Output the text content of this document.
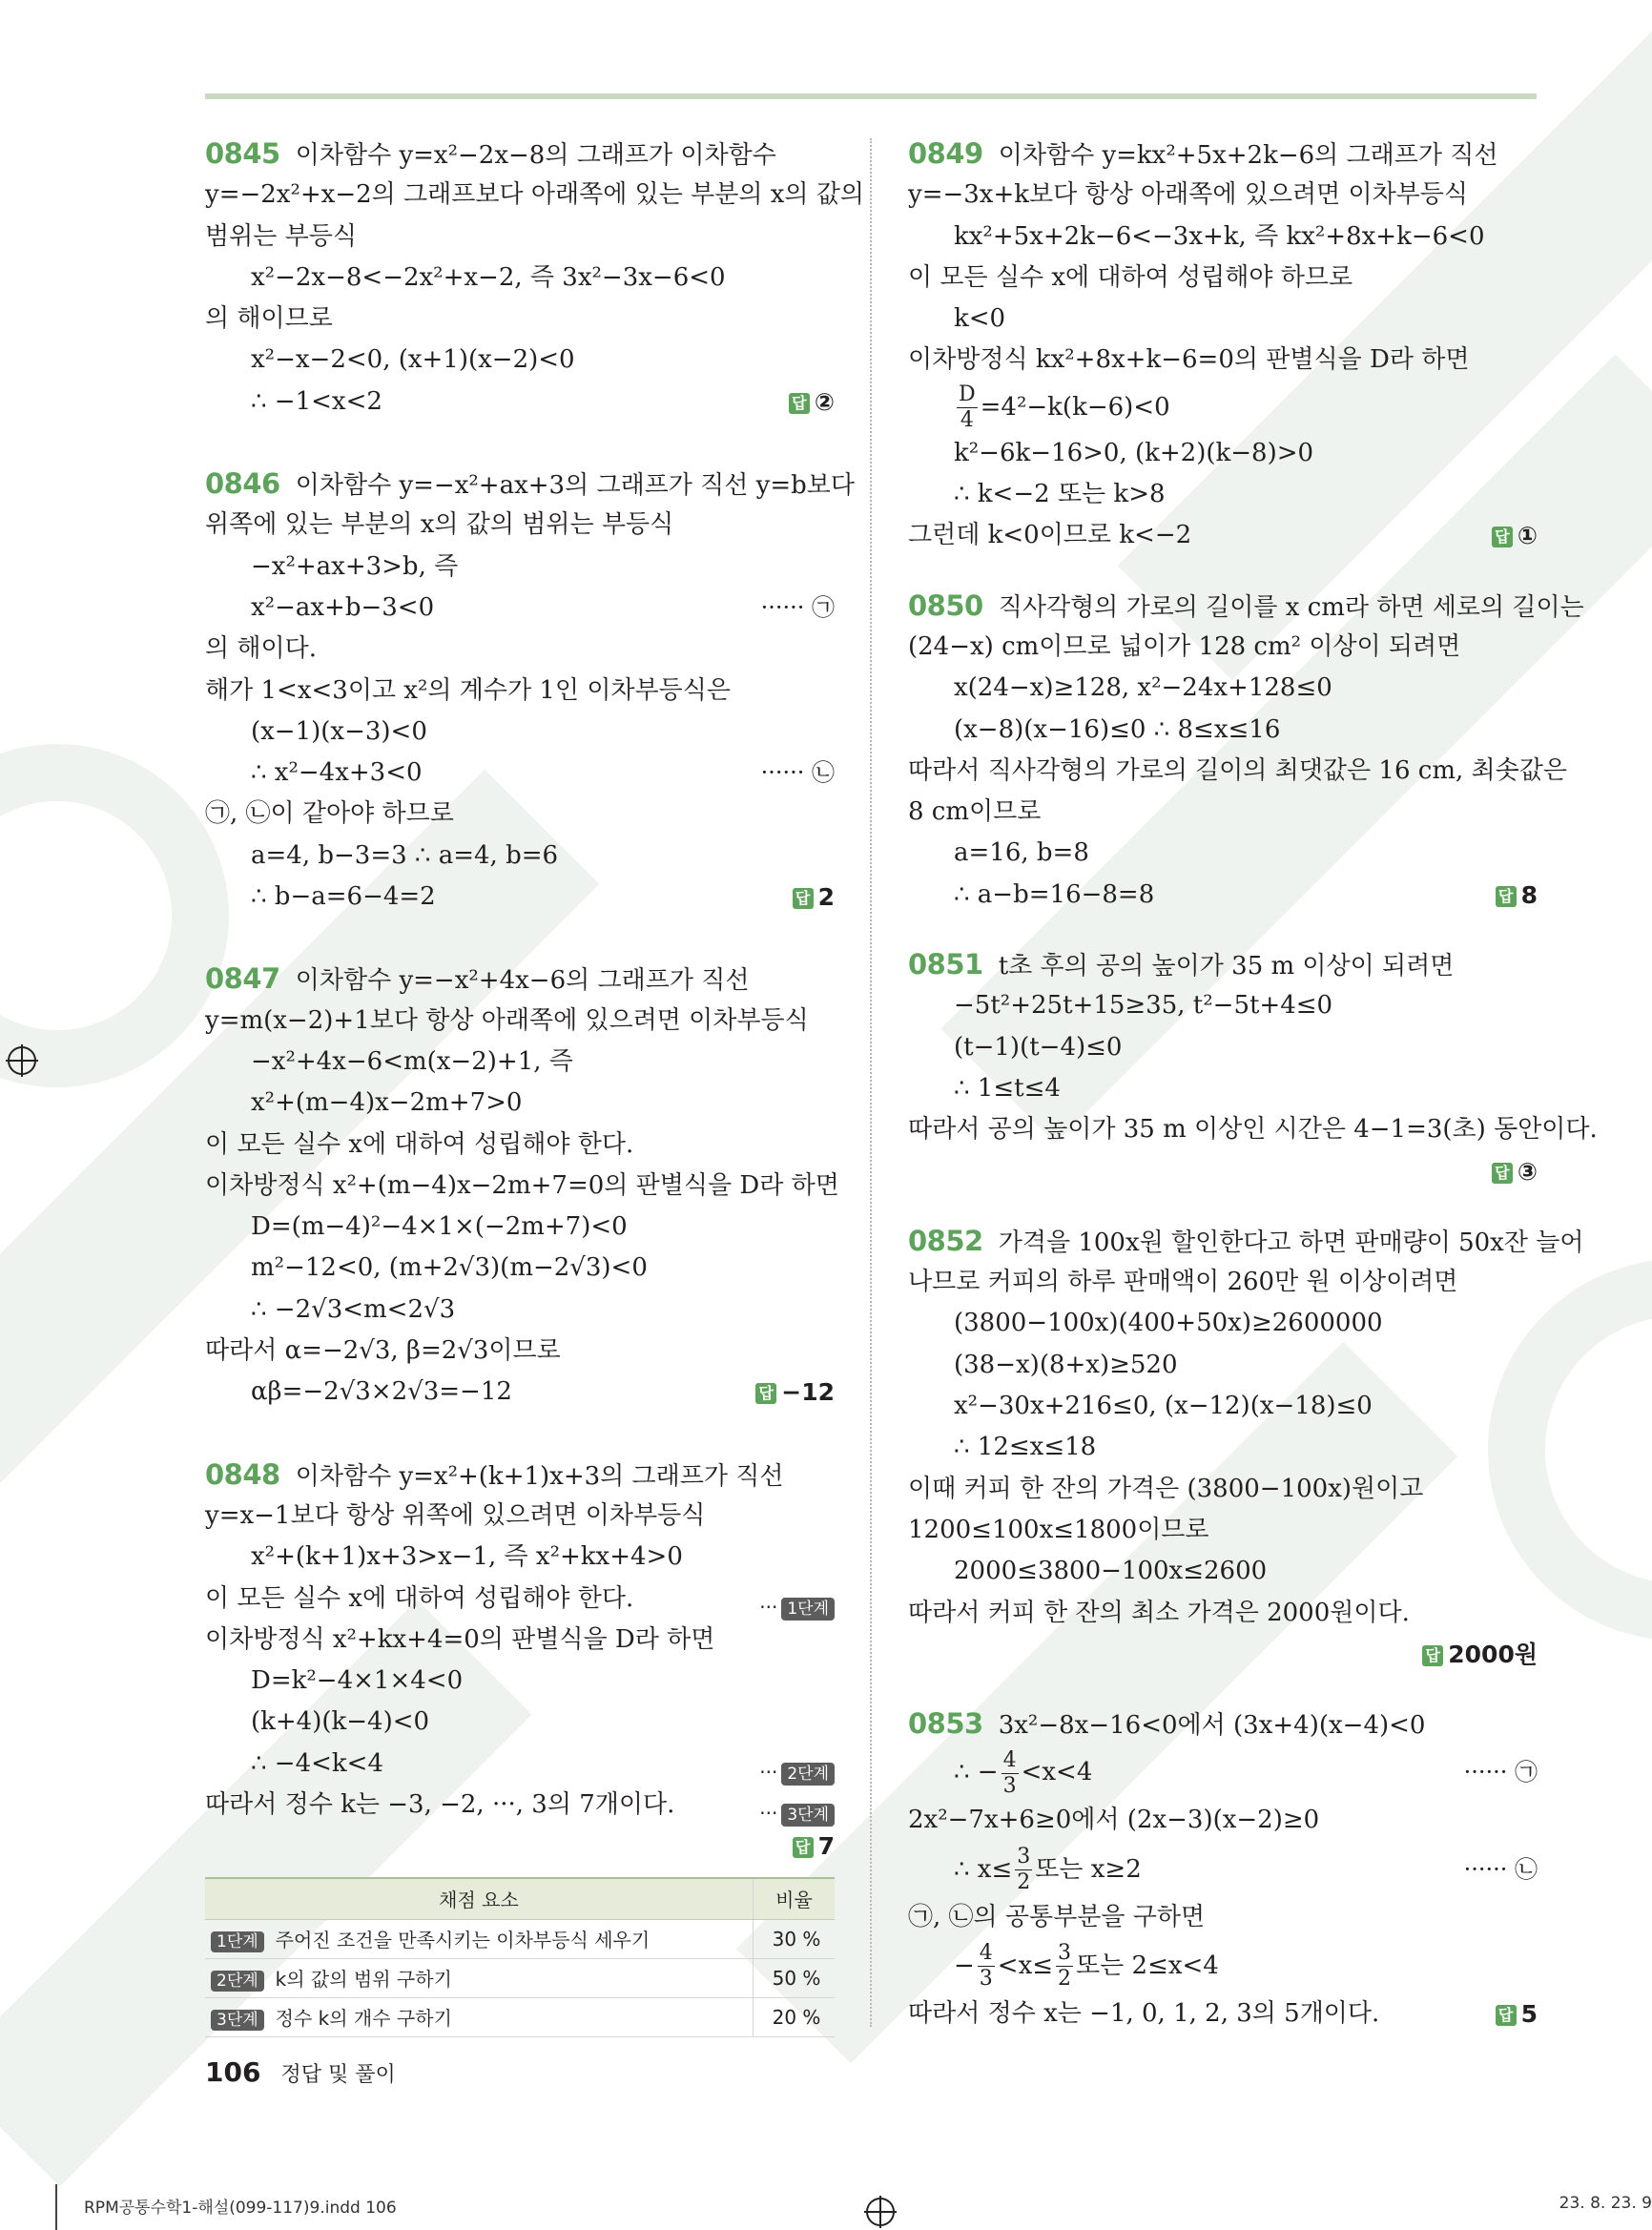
0845 이차함수 y=x²−2x−8의 그래프가 이차함수
y=−2x²+x−2의 그래프보다 아래쪽에 있는 부분의 x의 값의
범위는 부등식
x²−2x−8<−2x²+x−2, 즉 3x²−3x−6<0
의 해이므로
x²−x−2<0, (x+1)(x−2)<0
∴ −1<x<2	답 ②
0846 이차함수 y=−x²+ax+3의 그래프가 직선 y=b보다
위쪽에 있는 부분의 x의 값의 범위는 부등식
−x²+ax+3>b, 즉
x²−ax+b−3<0	······ ㉠
의 해이다.
해가 1<x<3이고 x²의 계수가 1인 이차부등식은
(x−1)(x−3)<0
∴ x²−4x+3<0	······ ㉡
㉠, ㉡이 같아야 하므로
a=4, b−3=3 ∴ a=4, b=6
∴ b−a=6−4=2	답 2
0847 이차함수 y=−x²+4x−6의 그래프가 직선
y=m(x−2)+1보다 항상 아래쪽에 있으려면 이차부등식
−x²+4x−6<m(x−2)+1, 즉
x²+(m−4)x−2m+7>0
이 모든 실수 x에 대하여 성립해야 한다.
이차방정식 x²+(m−4)x−2m+7=0의 판별식을 D라 하면
D=(m−4)²−4×1×(−2m+7)<0
m²−12<0, (m+2√3)(m−2√3)<0
∴ −2√3<m<2√3
따라서 α=−2√3, β=2√3이므로
αβ=−2√3×2√3=−12	답 −12
0848 이차함수 y=x²+(k+1)x+3의 그래프가 직선
y=x−1보다 항상 위쪽에 있으려면 이차부등식
x²+(k+1)x+3>x−1, 즉 x²+kx+4>0
이 모든 실수 x에 대하여 성립해야 한다.	··· 1단계
이차방정식 x²+kx+4=0의 판별식을 D라 하면
D=k²−4×1×4<0
(k+4)(k−4)<0
∴ −4<k<4	··· 2단계
따라서 정수 k는 −3, −2, ···, 3의 7개이다.	··· 3단계
답 7
채점 요소	비율
1단계 주어진 조건을 만족시키는 이차부등식 세우기	30 %
2단계 k의 값의 범위 구하기	50 %
3단계 정수 k의 개수 구하기	20 %
0849 이차함수 y=kx²+5x+2k−6의 그래프가 직선
y=−3x+k보다 항상 아래쪽에 있으려면 이차부등식
kx²+5x+2k−6<−3x+k, 즉 kx²+8x+k−6<0
이 모든 실수 x에 대하여 성립해야 하므로
k<0
이차방정식 kx²+8x+k−6=0의 판별식을 D라 하면
$\frac{D}{4} =4^2-k(k-6)<0$
k²−6k−16>0, (k+2)(k−8)>0
∴ k<−2 또는 k>8
그런데 k<0이므로 k<−2	답 ①
0850 직사각형의 가로의 길이를 x cm라 하면 세로의 길이는
(24−x) cm이므로 넓이가 128 cm² 이상이 되려면
x(24−x)≥128, x²−24x+128≤0
(x−8)(x−16)≤0 ∴ 8≤x≤16
따라서 직사각형의 가로의 길이의 최댓값은 16 cm, 최솟값은
8 cm이므로
a=16, b=8
∴ a−b=16−8=8	답 8
0851 t초 후의 공의 높이가 35 m 이상이 되려면
−5t²+25t+15≥35, t²−5t+4≤0
(t−1)(t−4)≤0
∴ 1≤t≤4
따라서 공의 높이가 35 m 이상인 시간은 4−1=3(초) 동안이다.
답 ③
0852 가격을 100x원 할인한다고 하면 판매량이 50x잔 늘어
나므로 커피의 하루 판매액이 260만 원 이상이려면
(3800−100x)(400+50x)≥2600000
(38−x)(8+x)≥520
x²−30x+216≤0, (x−12)(x−18)≤0
∴ 12≤x≤18
이때 커피 한 잔의 가격은 (3800−100x)원이고
1200≤100x≤1800이므로
2000≤3800−100x≤2600
따라서 커피 한 잔의 최소 가격은 2000원이다.
답 2000원
0853 3x²−8x−16<0에서 (3x+4)(x−4)<0
∴ − $\frac{4}{3} <x<4$	······ ㉠
2x²−7x+6≥0에서 (2x−3)(x−2)≥0
∴ $x\le \frac{3}{2}$ 또는 x≥2	······ ㉡
㉠, ㉡의 공통부분을 구하면
− $\frac{4}{3} <x\le \frac{3}{2}$ 또는 2≤x<4
따라서 정수 x는 −1, 0, 1, 2, 3의 5개이다.	답 5
106 정답 및 풀이
RPM공통수학1-해설(099-117)9.indd 106	23. 8. 23. 9
